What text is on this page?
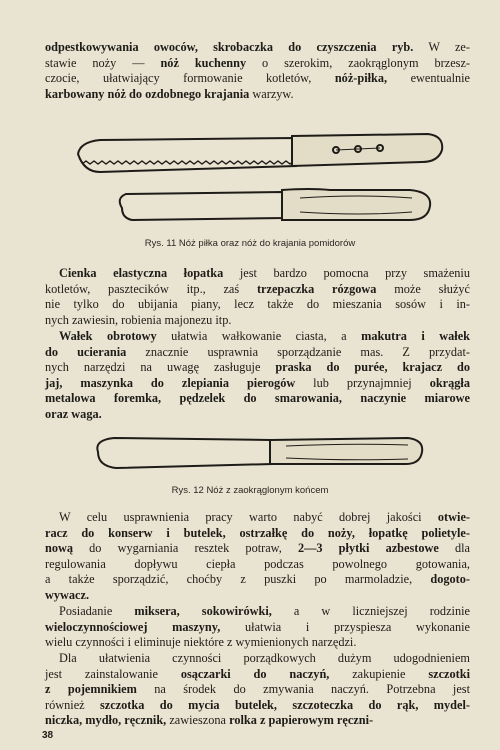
odpestkowywania owoców, skrobaczka do czyszczenia ryb. W ze-
stawie noży — nóż kuchenny o szerokim, zaokrąglonym brzesz-
czocie, ułatwiający formowanie kotletów, nóż-piłka, ewentualnie
karbowany nóż do ozdobnego krajania warzyw.

Rys. 11 Nóż piłka oraz nóż do krajania pomidorów

Cienka elastyczna łopatka jest bardzo pomocna przy smażeniu
kotletów, pasztecików itp., zaś trzepaczka rózgowa może służyć
nie tylko do ubijania piany, lecz także do mieszania sosów i in-
nych zawiesin, robienia majonezu itp.

Wałek obrotowy ułatwia wałkowanie ciasta, a makutra i wałek
do ucierania znacznie usprawnia sporządzanie mas. Z przydat-
nych narzędzi na uwagę zasługuje praska do purée, krajacz do
jaj, maszynka do zlepiania pierogów lub przynajmniej okrągła
metalowa foremka, pędzelek do smarowania, naczynie miarowe
oraz waga.

Rys. 12 Nóż z zaokrąglonym końcem

W celu usprawnienia pracy warto nabyć dobrej jakości otwie-
racz do konserw i butelek, ostrzałkę do noży, łopatkę polietyle-
nową do wygarniania resztek potraw, 2—3 płytki azbestowe dla
regulowania dopływu ciepła podczas powolnego gotowania,
a także sporządzić, choćby z puszki po marmoladzie, dogoto-
wywacz.

Posiadanie miksera, sokowirówki, a w liczniejszej rodzinie
wieloczynnościowej maszyny, ułatwia i przyspiesza wykonanie
wielu czynności i eliminuje niektóre z wymienionych narzędzi.

Dla ułatwienia czynności porządkowych dużym udogodnieniem
jest zainstalowanie osączarki do naczyń, zakupienie szczotki
z pojemnikiem na środek do zmywania naczyń. Potrzebna jest
również szczotka do mycia butelek, szczoteczka do rąk, mydel-
niczka, mydło, ręcznik, zawieszona rolka z papierowym ręczni-

38
